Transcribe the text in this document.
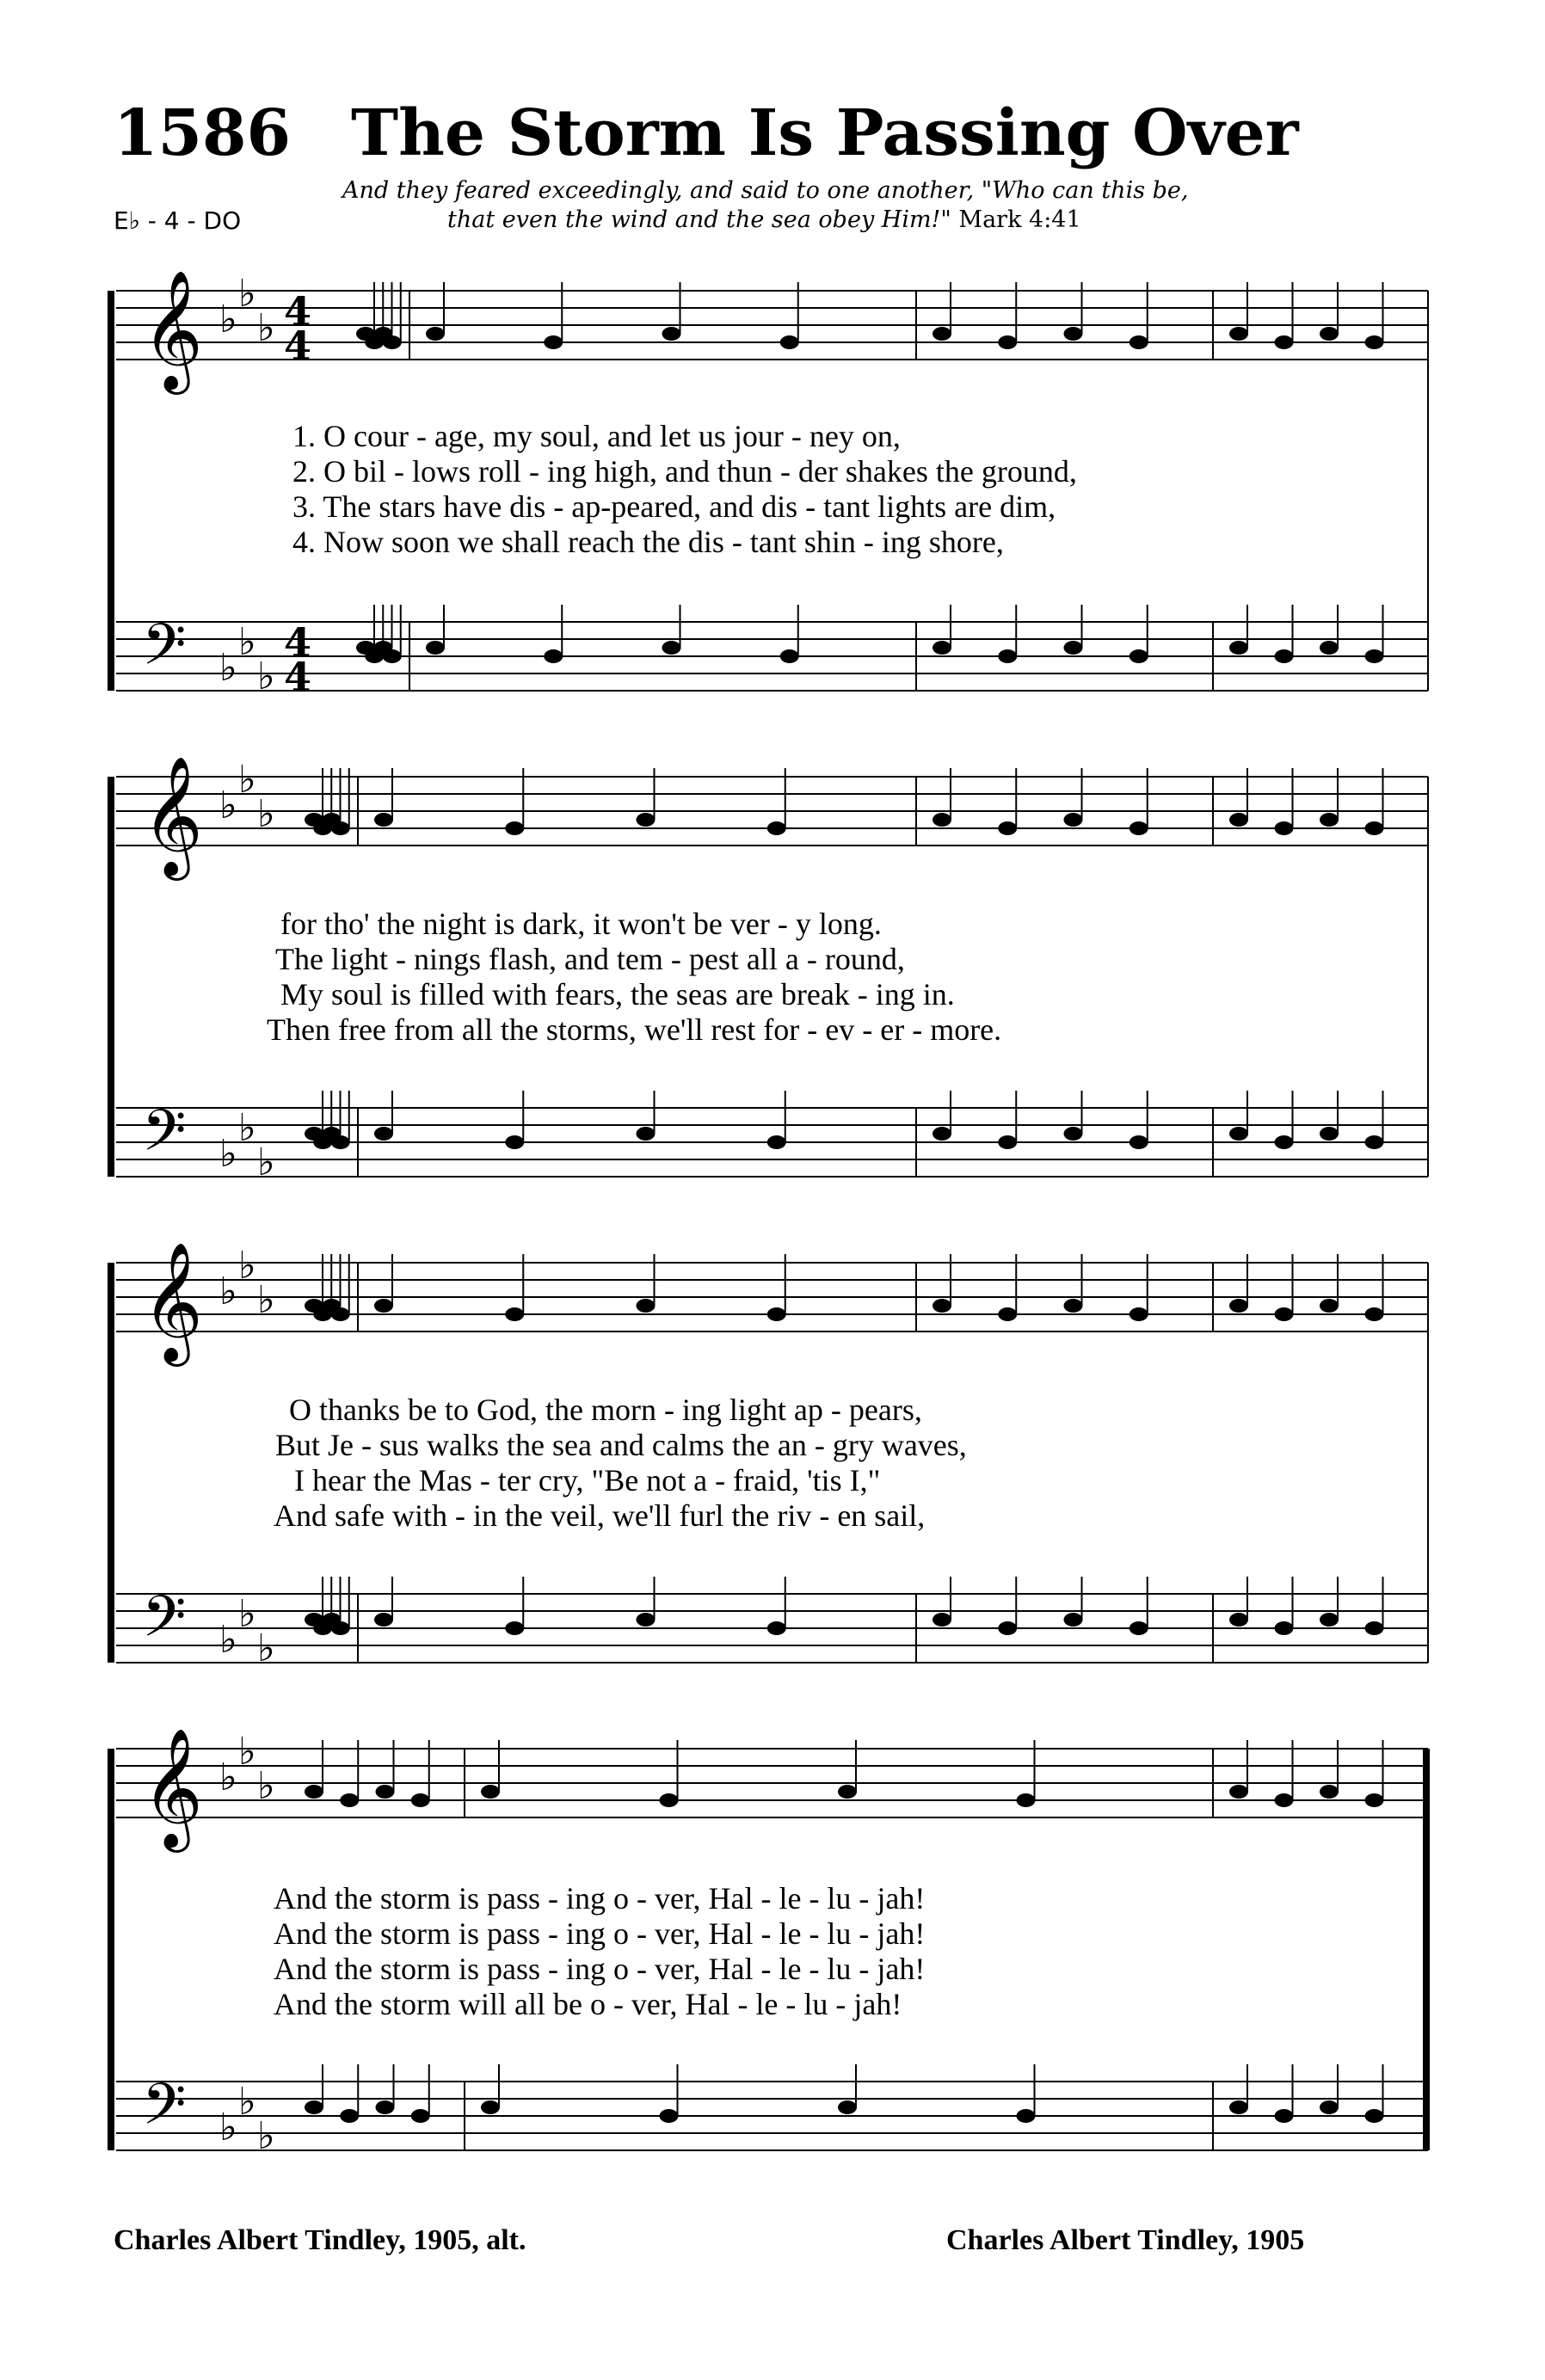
1586 The Storm Is Passing Over
E♭ - 4 - DO
And they feared exceedingly, and said to one another, "Who can this be,
that even the wind and the sea obey Him!" Mark 4:41
𝄞 ♭
♭
♭ 4
4
𝄢 ♭
♭
♭
4
4
𝄞 ♭
♭
♭
𝄢 ♭
♭
♭
𝄞 ♭
♭
♭
𝄢 ♭
♭
♭
𝄞 ♭
♭
♭
𝄢 ♭
♭
♭
1. O cour - age, my soul, and let us jour - ney on,
2. O bil - lows roll - ing high, and thun - der shakes the ground,
3. The stars have dis - ap-peared, and dis - tant lights are dim,
4. Now soon we shall reach the dis - tant shin - ing shore,
for tho' the night is dark, it won't be ver - y long.
The light - nings flash, and tem - pest all a - round,
My soul is filled with fears, the seas are break - ing in.
Then free from all the storms, we'll rest for - ev - er - more.
O thanks be to God, the morn - ing light ap - pears,
But Je - sus walks the sea and calms the an - gry waves,
I hear the Mas - ter cry, "Be not a - fraid, 'tis I,"
And safe with - in the veil, we'll furl the riv - en sail,
And the storm is pass - ing o - ver, Hal - le - lu - jah!
And the storm is pass - ing o - ver, Hal - le - lu - jah!
And the storm is pass - ing o - ver, Hal - le - lu - jah!
And the storm will all be o - ver, Hal - le - lu - jah!
Charles Albert Tindley, 1905, alt.	Charles Albert Tindley, 1905
